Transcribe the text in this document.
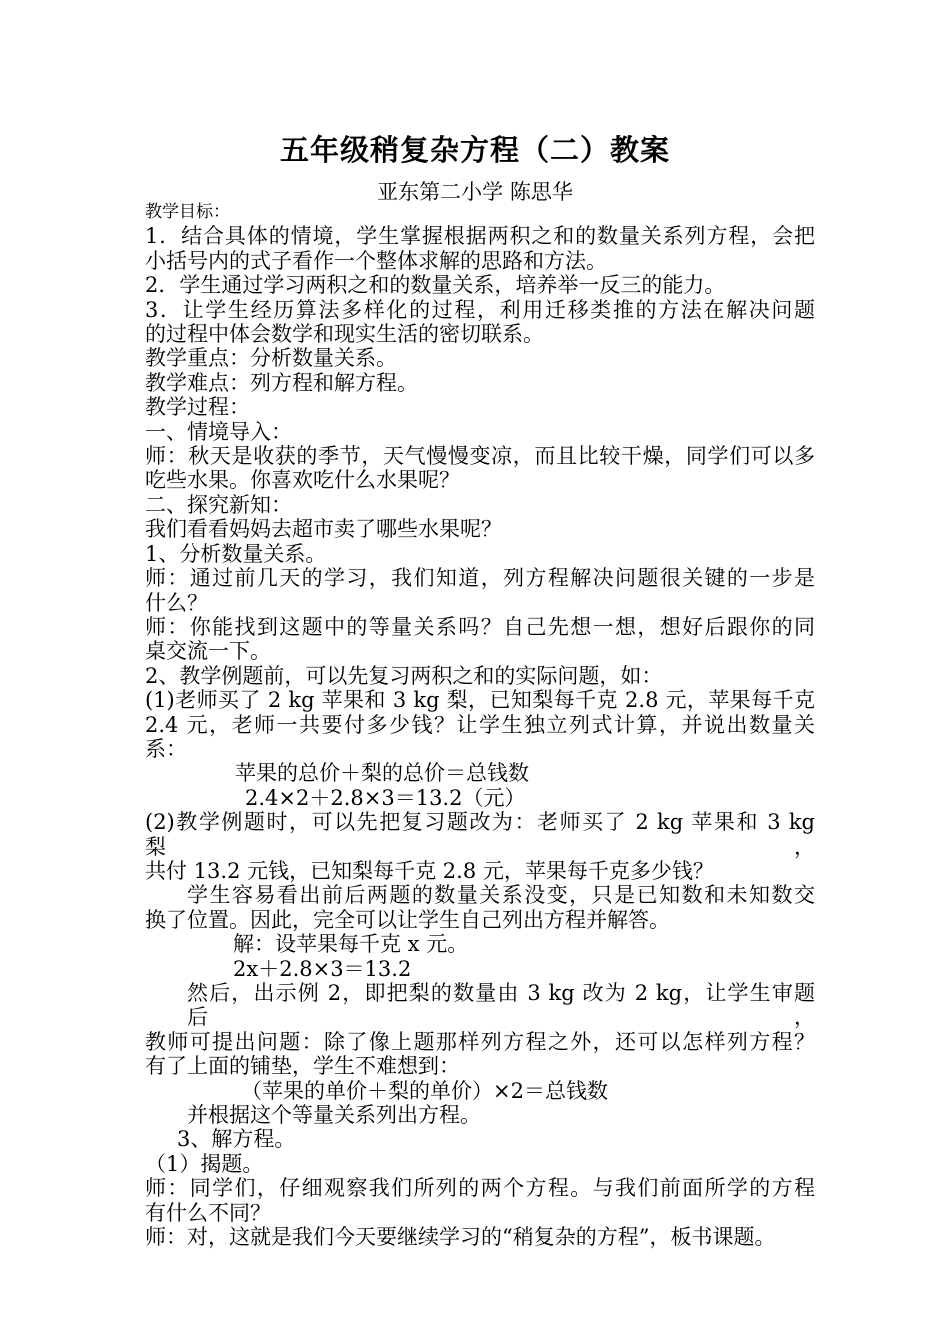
五年级稍复杂方程（二）教案
亚东第二小学 陈思华
教学目标：
1．结合具体的情境，学生掌握根据两积之和的数量关系列方程，会把
小括号内的式子看作一个整体求解的思路和方法。
2．学生通过学习两积之和的数量关系，培养举一反三的能力。
3．让学生经历算法多样化的过程，利用迁移类推的方法在解决问题
的过程中体会数学和现实生活的密切联系。
教学重点：分析数量关系。
教学难点：列方程和解方程。
教学过程：
一、情境导入：
师：秋天是收获的季节，天气慢慢变凉，而且比较干燥，同学们可以多
吃些水果。你喜欢吃什么水果呢？
二、探究新知：
我们看看妈妈去超市卖了哪些水果呢？
1、分析数量关系。
师：通过前几天的学习，我们知道，列方程解决问题很关键的一步是
什么？
师：你能找到这题中的等量关系吗？自己先想一想，想好后跟你的同
桌交流一下。
2、教学例题前，可以先复习两积之和的实际问题，如：
(1)老师买了 2 kg 苹果和 3 kg 梨，已知梨每千克 2.8 元，苹果每千克
2.4 元，老师一共要付多少钱？让学生独立列式计算，并说出数量关
系：
苹果的总价＋梨的总价＝总钱数
2.4×2＋2.8×3＝13.2（元）
(2)教学例题时，可以先把复习题改为：老师买了 2 kg 苹果和 3 kg 梨，
共付 13.2 元钱，已知梨每千克 2.8 元，苹果每千克多少钱？
学生容易看出前后两题的数量关系没变，只是已知数和未知数交
换了位置。因此，完全可以让学生自己列出方程并解答。
解：设苹果每千克 x 元。
2x＋2.8×3＝13.2
然后，出示例 2，即把梨的数量由 3 kg 改为 2 kg，让学生审题后，
教师可提出问题：除了像上题那样列方程之外，还可以怎样列方程？
有了上面的铺垫，学生不难想到：
（苹果的单价＋梨的单价）×2＝总钱数
并根据这个等量关系列出方程。
3、解方程。
（1）揭题。
师：同学们，仔细观察我们所列的两个方程。与我们前面所学的方程
有什么不同？
师：对，这就是我们今天要继续学习的“稍复杂的方程”，板书课题。
